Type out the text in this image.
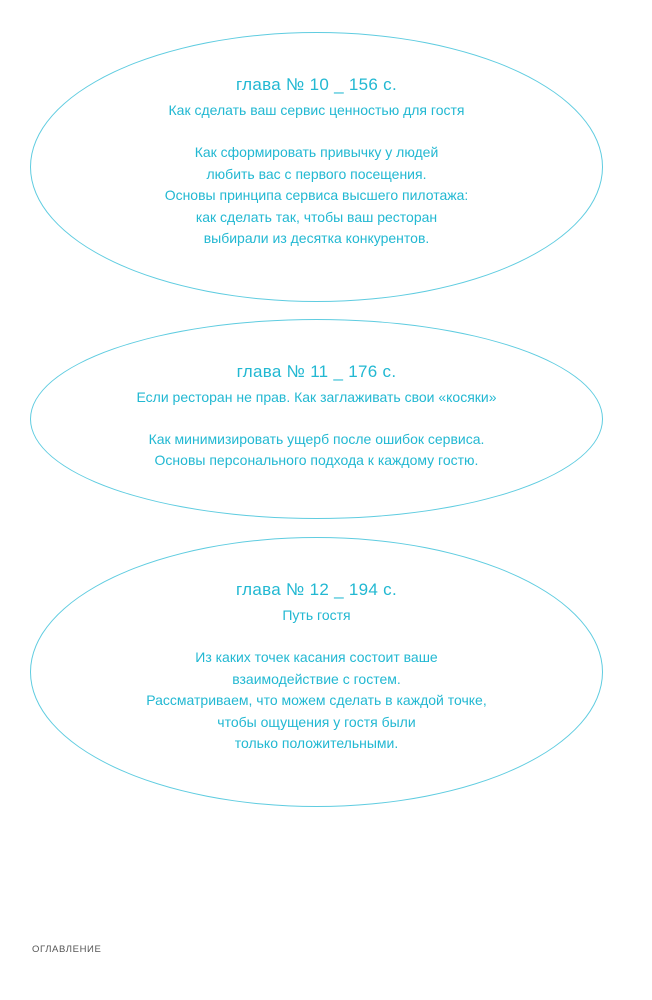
глава № 10 _ 156 с.

Как сделать ваш сервис ценностью для гостя

Как сформировать привычку у людей
любить вас с первого посещения.
Основы принципа сервиса высшего пилотажа:
как сделать так, чтобы ваш ресторан
выбирали из десятка конкурентов.

глава № 11 _ 176 с.

Если ресторан не прав. Как заглаживать свои «косяки»

Как минимизировать ущерб после ошибок сервиса.
Основы персонального подхода к каждому гостю.

глава № 12 _ 194 с.

Путь гостя

Из каких точек касания состоит ваше
взаимодействие с гостем.
Рассматриваем, что можем сделать в каждой точке,
чтобы ощущения у гостя были
только положительными.
ОГЛАВЛЕНИЕ
